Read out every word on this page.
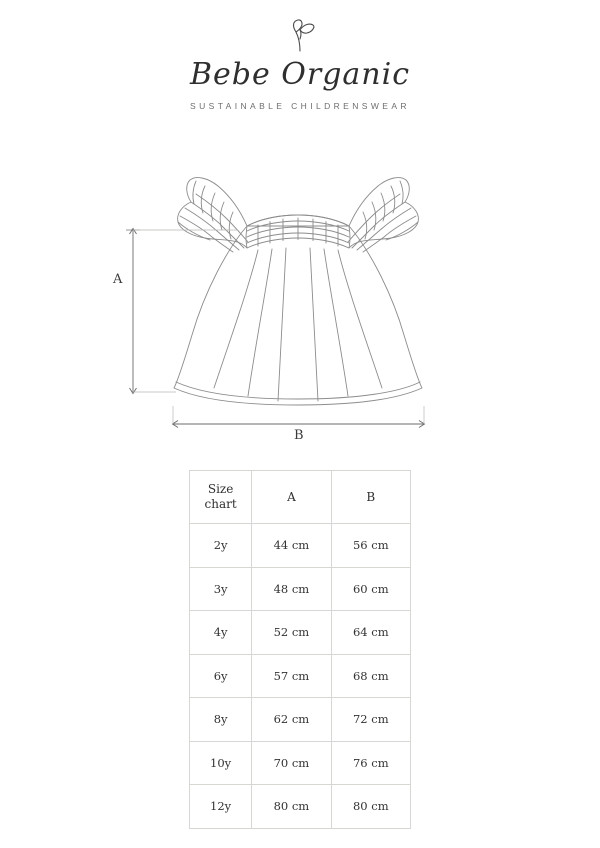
Bebe Organic
SUSTAINABLE CHILDRENSWEAR
A
B
Size chart	A	B
2y	44 cm	56 cm
3y	48 cm	60 cm
4y	52 cm	64 cm
6y	57 cm	68 cm
8y	62 cm	72 cm
10y	70 cm	76 cm
12y	80 cm	80 cm
